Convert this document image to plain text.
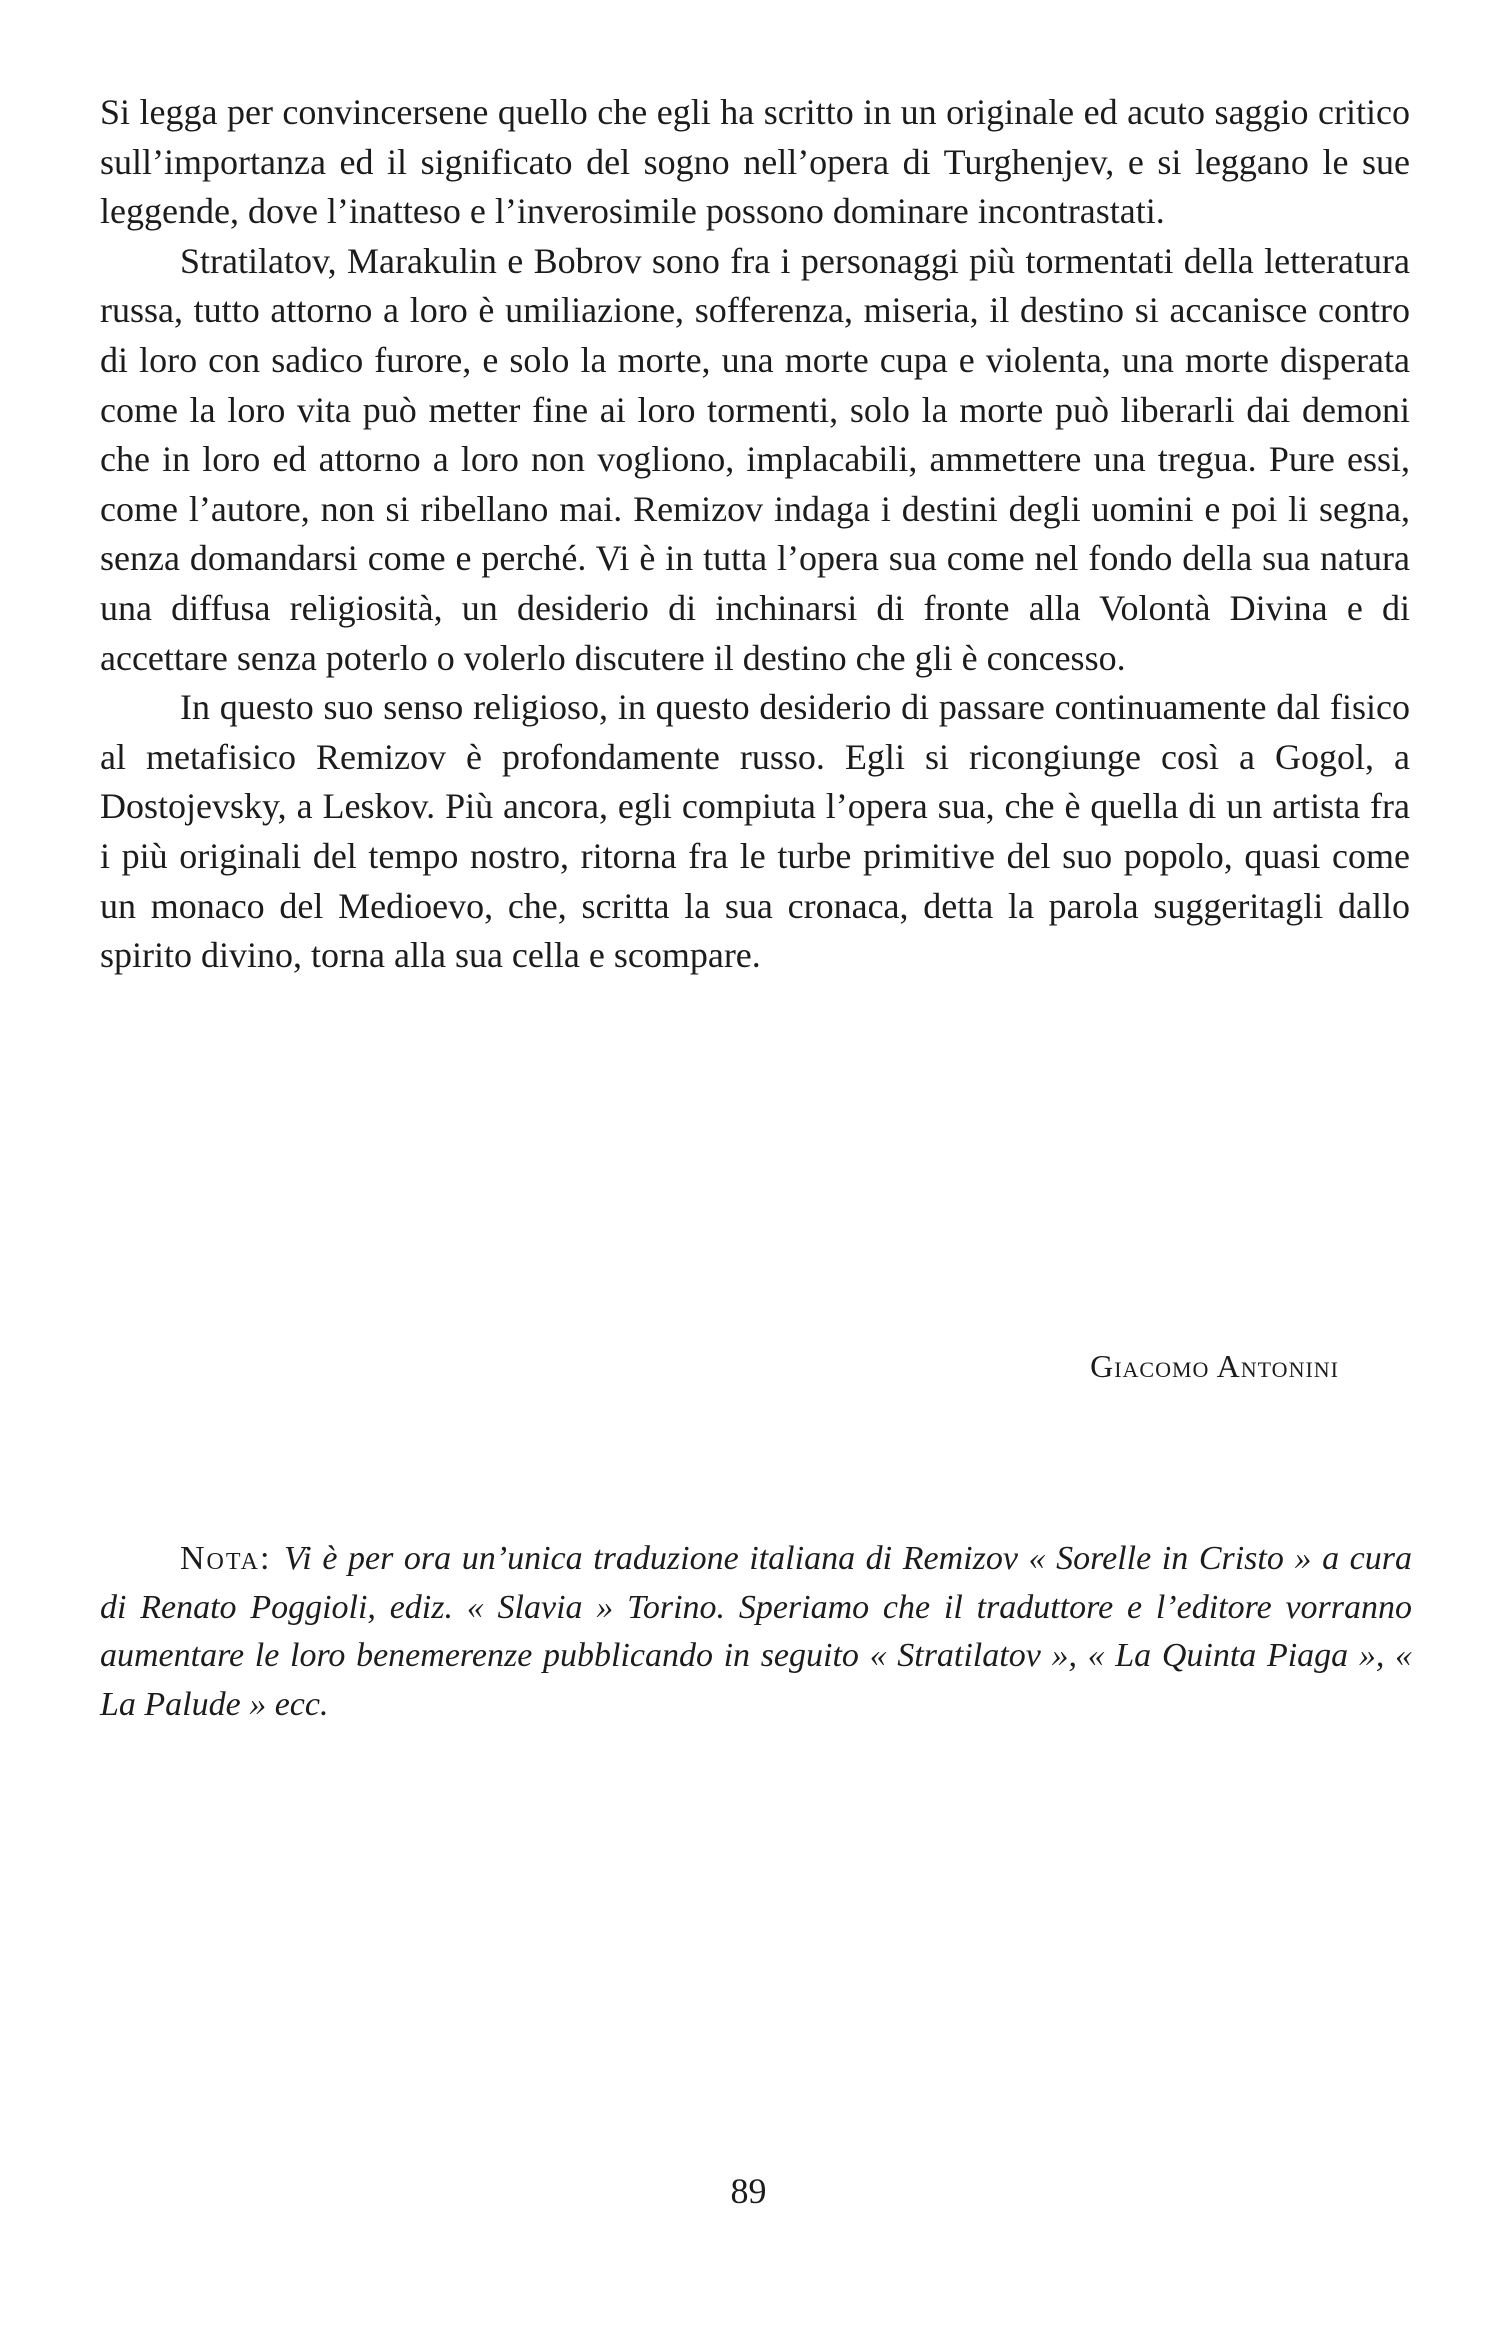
Si legga per convincersene quello che egli ha scritto in un originale ed acuto saggio critico sull’importanza ed il significato del sogno nell’opera di Turghenjev, e si leggano le sue leggende, dove l’inatteso e l’inverosimile possono dominare incontrastati.

Stratilatov, Marakulin e Bobrov sono fra i personaggi più tormentati della letteratura russa, tutto attorno a loro è umiliazione, sofferenza, miseria, il destino si accanisce contro di loro con sadico furore, e solo la morte, una morte cupa e violenta, una morte disperata come la loro vita può metter fine ai loro tormenti, solo la morte può liberarli dai demoni che in loro ed attorno a loro non vogliono, implacabili, ammettere una tregua. Pure essi, come l’autore, non si ribellano mai. Remizov indaga i destini degli uomini e poi li segna, senza domandarsi come e perché. Vi è in tutta l’opera sua come nel fondo della sua natura una diffusa religiosità, un desiderio di inchinarsi di fronte alla Volontà Divina e di accettare senza poterlo o volerlo discutere il destino che gli è concesso.

In questo suo senso religioso, in questo desiderio di passare continuamente dal fisico al metafisico Remizov è profondamente russo. Egli si ricongiunge così a Gogol, a Dostojevsky, a Leskov. Più ancora, egli compiuta l’opera sua, che è quella di un artista fra i più originali del tempo nostro, ritorna fra le turbe primitive del suo popolo, quasi come un monaco del Medioevo, che, scritta la sua cronaca, detta la parola suggeritagli dallo spirito divino, torna alla sua cella e scompare.

Giacomo Antonini
Nota: Vi è per ora un’unica traduzione italiana di Remizov « Sorelle in Cristo » a cura di Renato Poggioli, ediz. « Slavia » Torino. Speriamo che il traduttore e l’editore vorranno aumentare le loro benemerenze pubblicando in seguito « Stratilatov », « La Quinta Piaga », « La Palude » ecc.
89
